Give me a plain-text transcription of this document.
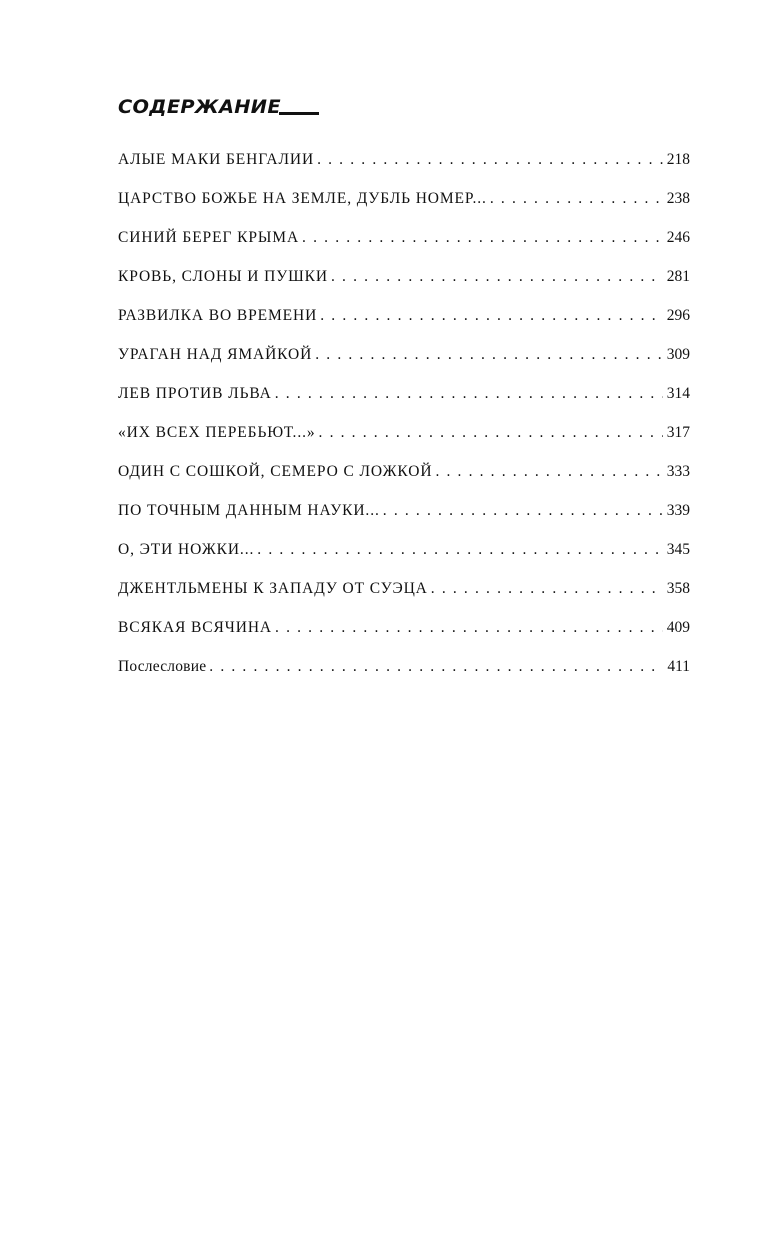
СОДЕРЖАНИЕ
АЛЫЕ МАКИ БЕНГАЛИИ . . .	218
ЦАРСТВО БОЖЬЕ НА ЗЕМЛЕ, ДУБЛЬ НОМЕР... . . .	238
СИНИЙ БЕРЕГ КРЫМА . . .	246
КРОВЬ, СЛОНЫ И ПУШКИ . . .	281
РАЗВИЛКА ВО ВРЕМЕНИ . . .	296
УРАГАН НАД ЯМАЙКОЙ . . .	309
ЛЕВ ПРОТИВ ЛЬВА . . .	314
«ИХ ВСЕХ ПЕРЕБЬЮТ...» . . .	317
ОДИН С СОШКОЙ, СЕМЕРО С ЛОЖКОЙ . . .	333
ПО ТОЧНЫМ ДАННЫМ НАУКИ... . . .	339
О, ЭТИ НОЖКИ... . . .	345
ДЖЕНТЛЬМЕНЫ К ЗАПАДУ ОТ СУЭЦА . . .	358
ВСЯКАЯ ВСЯЧИНА . . .	409
Послесловие . . .	411
